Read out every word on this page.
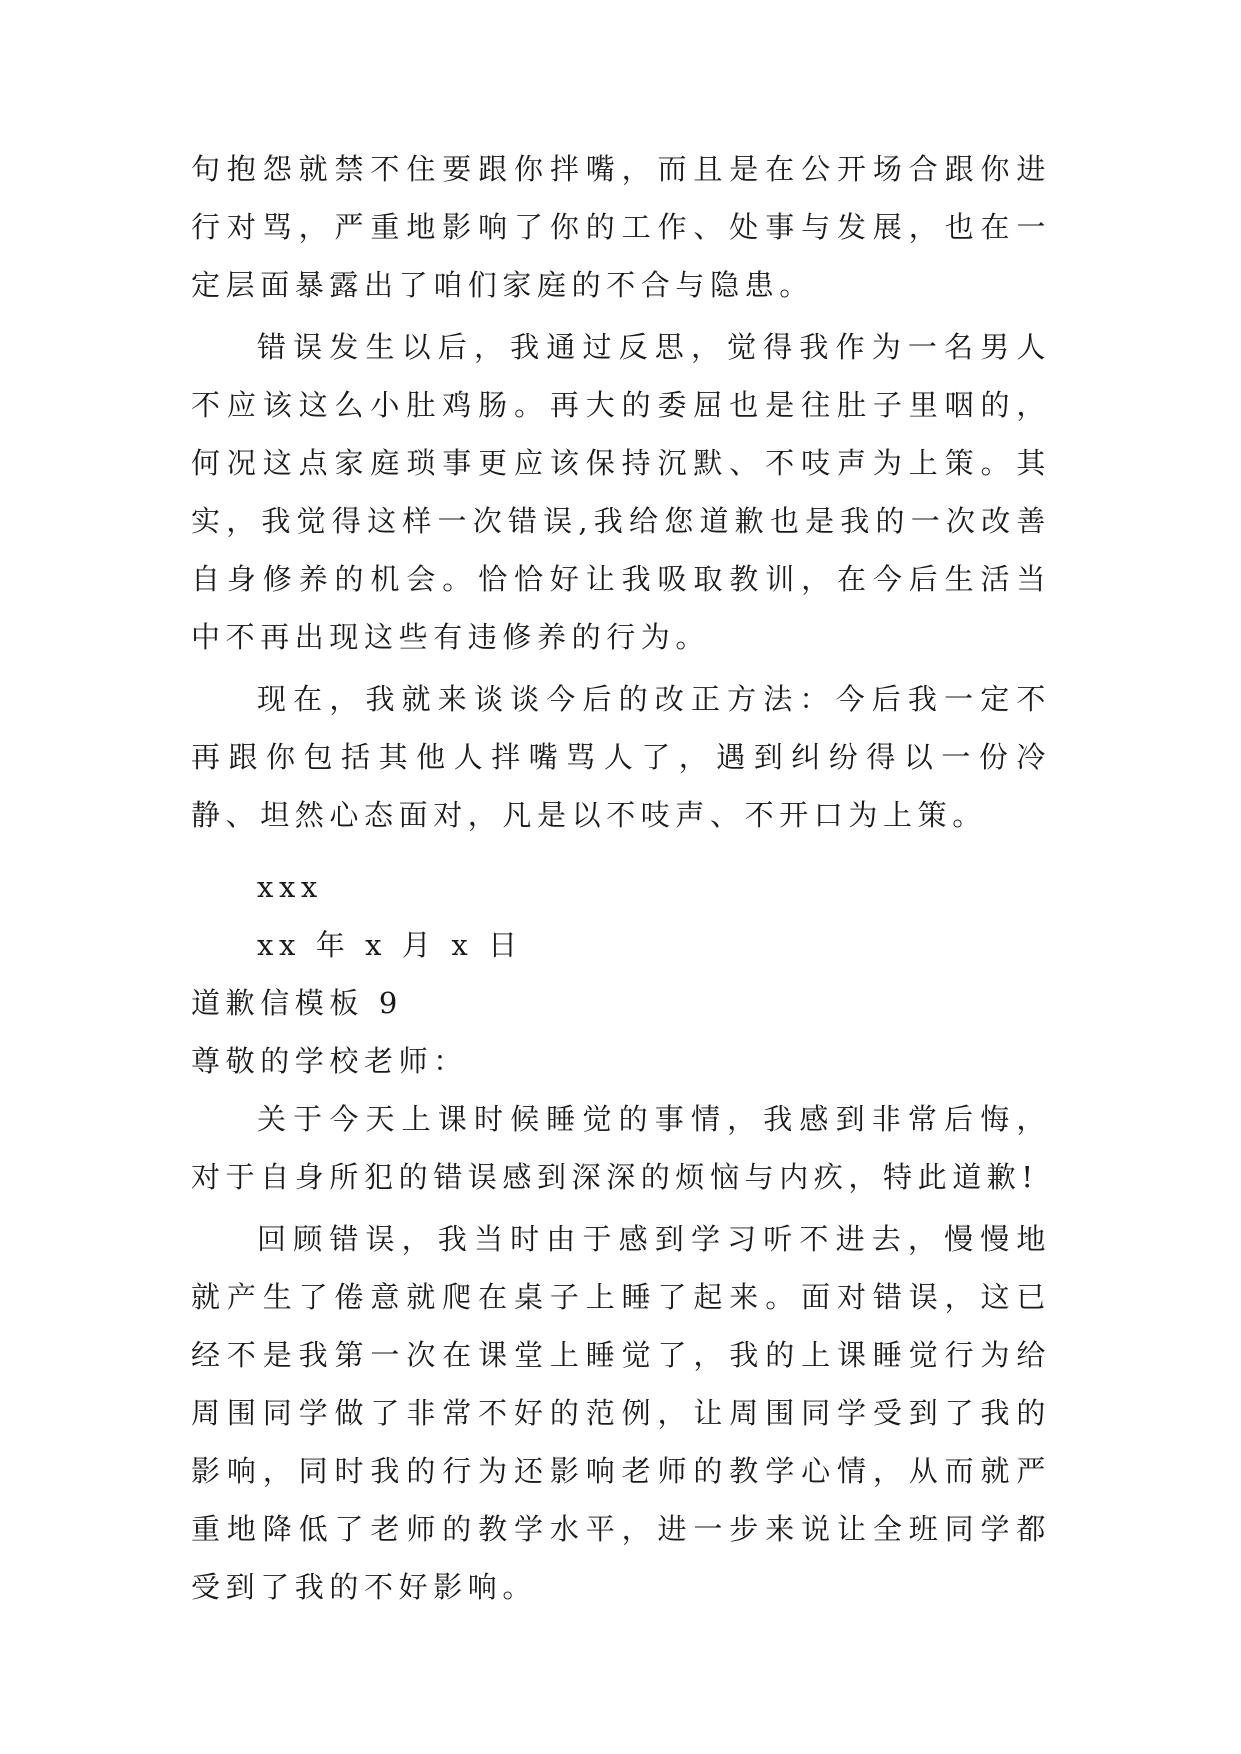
句抱怨就禁不住要跟你拌嘴，而且是在公开场合跟你进行对骂，严重地影响了你的工作、处事与发展，也在一定层面暴露出了咱们家庭的不合与隐患。

错误发生以后，我通过反思，觉得我作为一名男人不应该这么小肚鸡肠。再大的委屈也是往肚子里咽的，何况这点家庭琐事更应该保持沉默、不吱声为上策。其实，我觉得这样一次错误,我给您道歉也是我的一次改善自身修养的机会。恰恰好让我吸取教训，在今后生活当中不再出现这些有违修养的行为。

现在，我就来谈谈今后的改正方法：今后我一定不再跟你包括其他人拌嘴骂人了，遇到纠纷得以一份冷静、坦然心态面对，凡是以不吱声、不开口为上策。

xxx

xx 年 x 月 x 日

道歉信模板 9

尊敬的学校老师：

关于今天上课时候睡觉的事情，我感到非常后悔，对于自身所犯的错误感到深深的烦恼与内疚，特此道歉!

回顾错误，我当时由于感到学习听不进去，慢慢地就产生了倦意就爬在桌子上睡了起来。面对错误，这已经不是我第一次在课堂上睡觉了，我的上课睡觉行为给周围同学做了非常不好的范例，让周围同学受到了我的影响，同时我的行为还影响老师的教学心情，从而就严重地降低了老师的教学水平，进一步来说让全班同学都受到了我的不好影响。
